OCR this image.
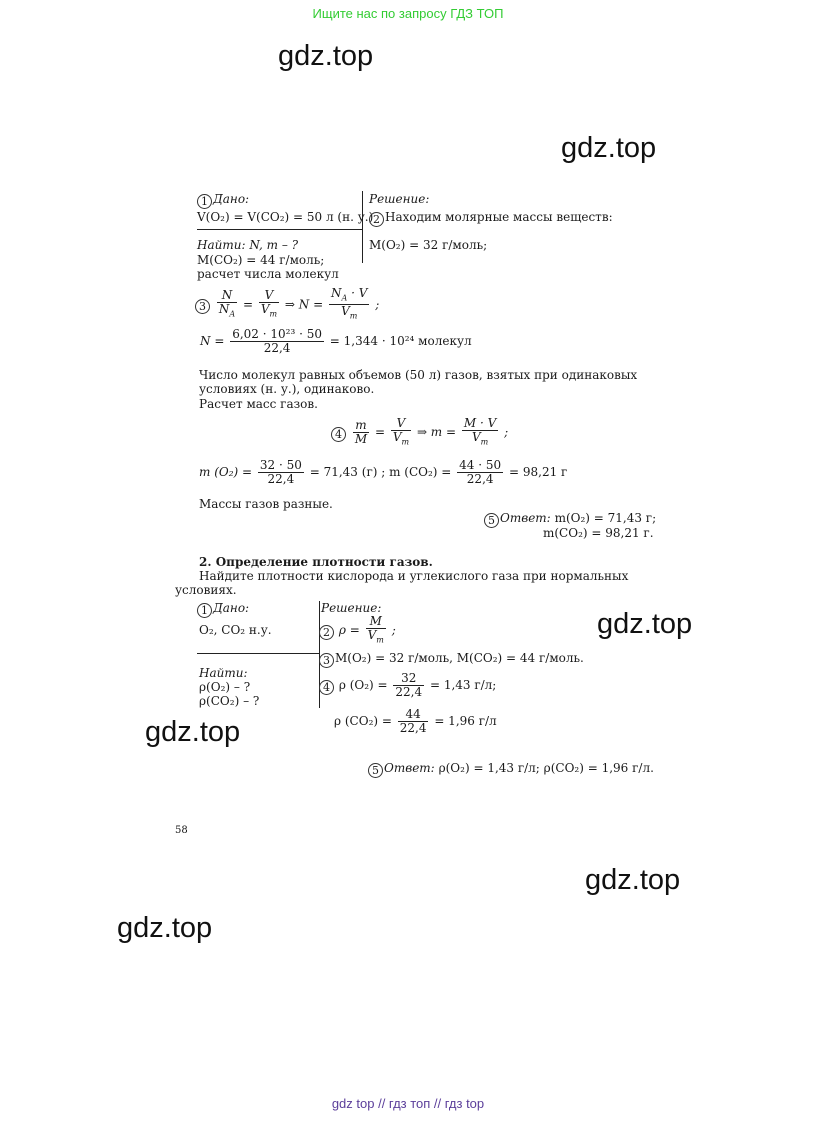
Ищите нас по запросу ГДЗ ТОП
gdz.top
gdz.top
gdz.top
gdz.top
gdz.top
gdz.top
1 Дано:
V(O₂) = V(CO₂) = 50 л (н. у.)
Найти: N, m – ?
M(CO₂) = 44 г/моль;
расчет числа молекул
Решение:
2 Находим молярные массы веществ:
M(O₂) = 32 г/моль;
$3 \frac{N}{N_A} = \frac{V}{V_m}$ ⇒ $N = \frac{N_A \cdot V}{V_m}$ ;
$N = \frac{\text{6,02 · 10²³ · 50}}{22,4} = 1,344 \cdot 10^{24}$ молекул
Число молекул равных объемов (50 л) газов, взятых при одинаковых
условиях (н. у.), одинаково.
Расчет масс газов.
$4 \frac{m}{M} = \frac{V}{V_m}$ ⇒ $m = \frac{M \cdot V}{V_m}$ ;
m $(O_2) = \frac{32 \cdot 50}{22,4} = 71,43$ (г) ; m $(CO_2) = \frac{44 \cdot 50}{22,4} = 98,21$ г
Массы газов разные.
5 Ответ: m(O₂) = 71,43 г;
m(CO₂) = 98,21 г.
2. Определение плотности газов.
Найдите плотности кислорода и углекислого газа при нормальных
условиях.
1 Дано:
O₂, CO₂ н.у.
Найти:
ρ(O₂) – ?
ρ(CO₂) – ?
Решение:
2 $\rho = \frac{M}{V_m}$ ;
3 M(O₂) = 32 г/моль, M(CO₂) = 44 г/моль.
4 ρ $(O_2) = \frac{32}{22,4} = 1,43$ г/л;
ρ $(CO_2) = \frac{44}{22,4} = 1,96$ г/л
5 Ответ: ρ(O₂) = 1,43 г/л; ρ(CO₂) = 1,96 г/л.
58
gdz top // гдз топ // гдз top
